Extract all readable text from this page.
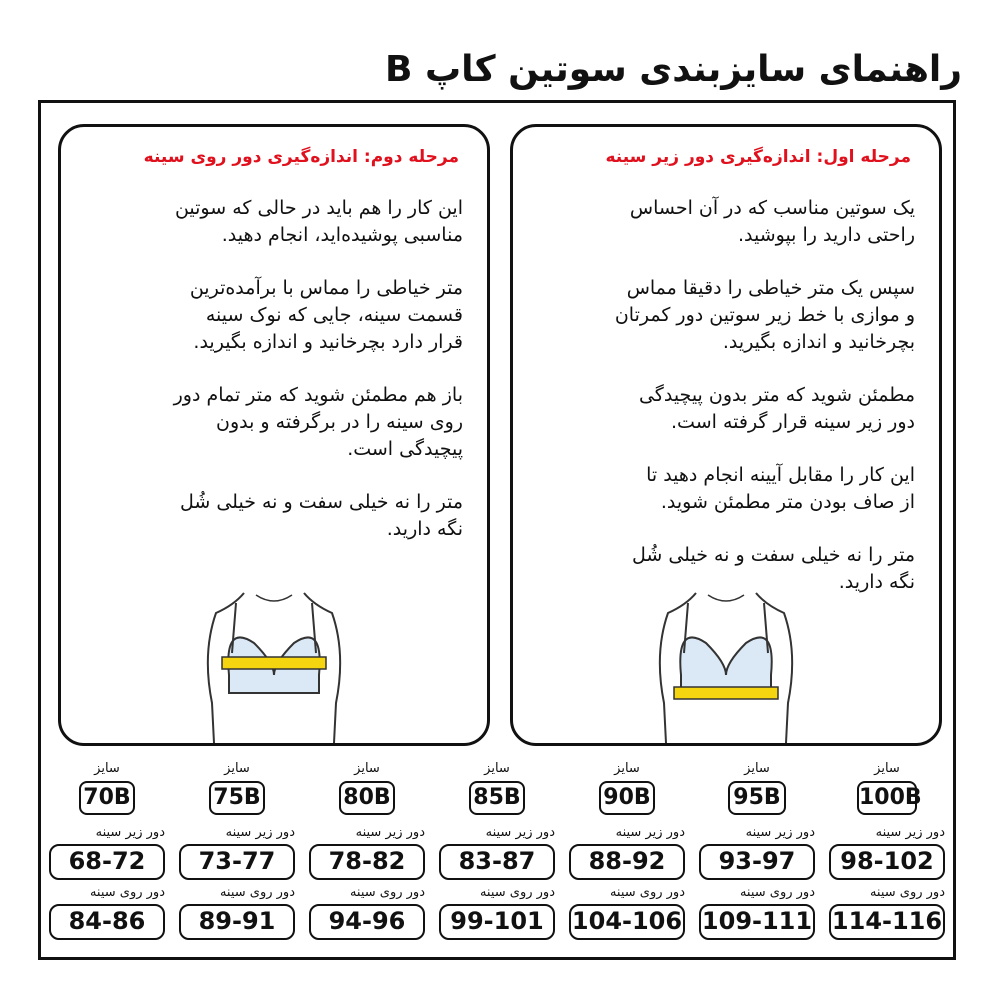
راهنمای سایزبندی سوتین کاپ B
مرحله اول: اندازه‌گیری دور زیر سینه
یک سوتین مناسب که در آن احساس
راحتی دارید را بپوشید.
سپس یک متر خیاطی را دقیقا مماس
و موازی با خط زیر سوتین دور کمرتان
بچرخانید و اندازه بگیرید.
مطمئن شوید که متر بدون پیچیدگی
دور زیر سینه قرار گرفته است.
این کار را مقابل آیینه انجام دهید تا
از صاف بودن متر مطمئن شوید.
متر را نه خیلی سفت و نه خیلی شُل
نگه دارید.
مرحله دوم: اندازه‌گیری دور روی سینه
این کار را هم باید در حالی که سوتین
مناسبی پوشیده‌اید، انجام دهید.
متر خیاطی را مماس با برآمده‌ترین
قسمت سینه، جایی که نوک سینه
قرار دارد بچرخانید و اندازه بگیرید.
باز هم مطمئن شوید که متر تمام دور
روی سینه را در برگرفته و بدون
پیچیدگی است.
متر را نه خیلی سفت و نه خیلی شُل
نگه دارید.
سایز
100B
دور زیر سینه
98-102
دور روی سینه
114-116
سایز
95B
دور زیر سینه
93-97
دور روی سینه
109-111
سایز
90B
دور زیر سینه
88-92
دور روی سینه
104-106
سایز
85B
دور زیر سینه
83-87
دور روی سینه
99-101
سایز
80B
دور زیر سینه
78-82
دور روی سینه
94-96
سایز
75B
دور زیر سینه
73-77
دور روی سینه
89-91
سایز
70B
دور زیر سینه
68-72
دور روی سینه
84-86
